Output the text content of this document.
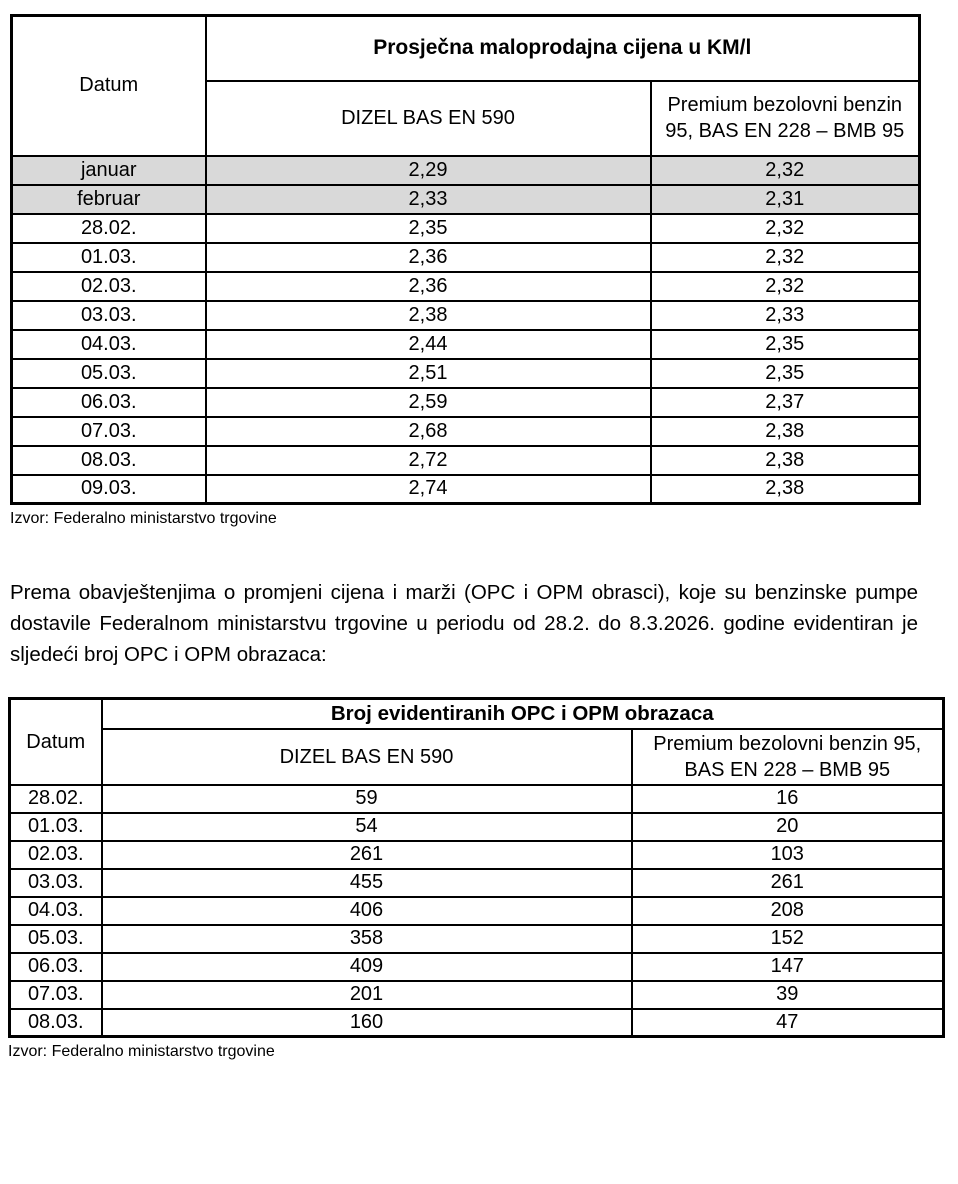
Datum	Prosječna maloprodajna cijena u KM/l	
	DIZEL BAS EN 590	Premium bezolovni benzin 95, BAS EN 228 – BMB 95
januar	2,29	2,32
februar	2,33	2,31
28.02.	2,35	2,32
01.03.	2,36	2,32
02.03.	2,36	2,32
03.03.	2,38	2,33
04.03.	2,44	2,35
05.03.	2,51	2,35
06.03.	2,59	2,37
07.03.	2,68	2,38
08.03.	2,72	2,38
09.03.	2,74	2,38
Izvor: Federalno ministarstvo trgovine

Prema obavještenjima o promjeni cijena i marži (OPC i OPM obrasci), koje su benzinske pumpe dostavile Federalnom ministarstvu trgovine u periodu od 28.2. do 8.3.2026. godine evidentiran je sljedeći broj OPC i OPM obrazaca:

Datum	Broj evidentiranih OPC i OPM obrazaca	
	DIZEL BAS EN 590	Premium bezolovni benzin 95, BAS EN 228 – BMB 95
28.02.	59	16
01.03.	54	20
02.03.	261	103
03.03.	455	261
04.03.	406	208
05.03.	358	152
06.03.	409	147
07.03.	201	39
08.03.	160	47
Izvor: Federalno ministarstvo trgovine
